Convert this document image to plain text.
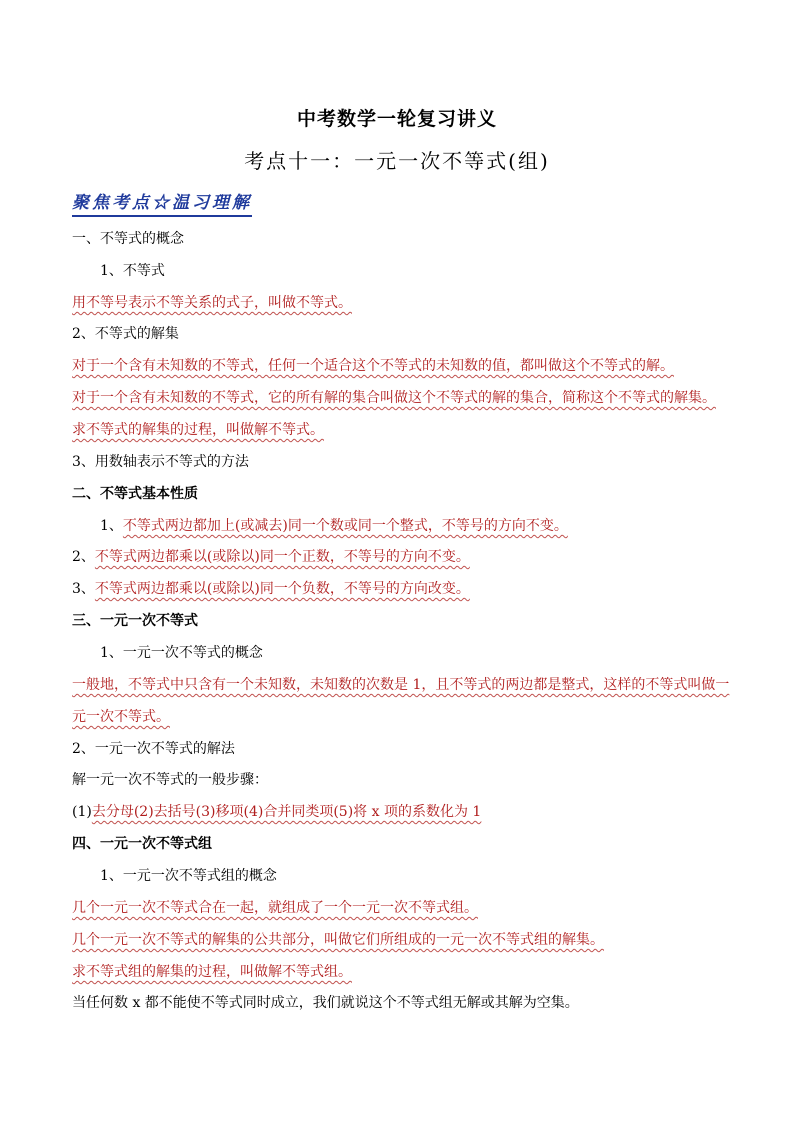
中考数学一轮复习讲义
考点十一：一元一次不等式(组)
聚焦考点☆温习理解
一、不等式的概念
1、不等式
用不等号表示不等关系的式子，叫做不等式。
2、不等式的解集
对于一个含有未知数的不等式，任何一个适合这个不等式的未知数的值，都叫做这个不等式的解。
对于一个含有未知数的不等式，它的所有解的集合叫做这个不等式的解的集合，简称这个不等式的解集。
求不等式的解集的过程，叫做解不等式。
3、用数轴表示不等式的方法
二、不等式基本性质
1、不等式两边都加上(或减去)同一个数或同一个整式，不等号的方向不变。
2、不等式两边都乘以(或除以)同一个正数，不等号的方向不变。
3、不等式两边都乘以(或除以)同一个负数，不等号的方向改变。
三、一元一次不等式
1、一元一次不等式的概念
一般地，不等式中只含有一个未知数，未知数的次数是 1，且不等式的两边都是整式，这样的不等式叫做一
元一次不等式。
2、一元一次不等式的解法
解一元一次不等式的一般步骤：
(1)去分母(2)去括号(3)移项(4)合并同类项(5)将 x 项的系数化为 1
四、一元一次不等式组
1、一元一次不等式组的概念
几个一元一次不等式合在一起，就组成了一个一元一次不等式组。
几个一元一次不等式的解集的公共部分，叫做它们所组成的一元一次不等式组的解集。
求不等式组的解集的过程，叫做解不等式组。
当任何数 x 都不能使不等式同时成立，我们就说这个不等式组无解或其解为空集。
